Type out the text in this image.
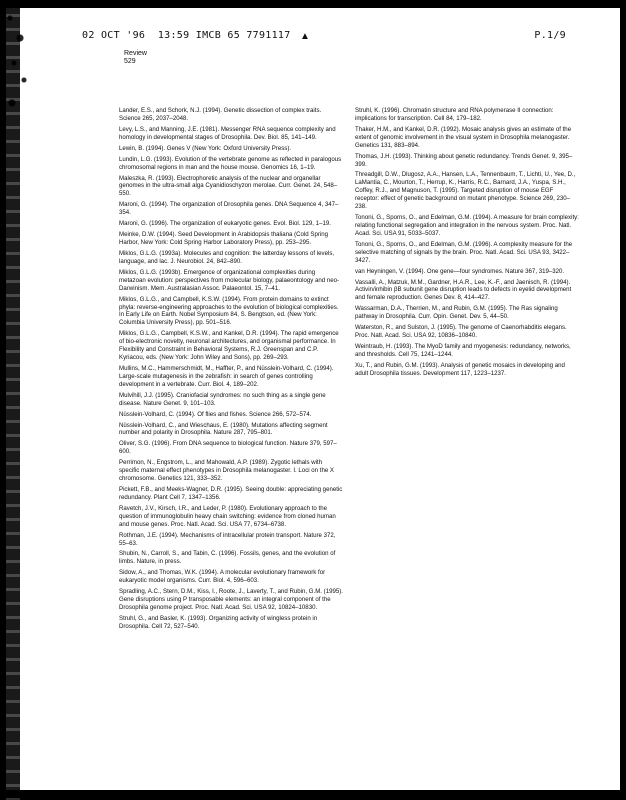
02 OCT '96  13:59 IMCB 65 7791117	P.1/9
▲
Review
529

Lander, E.S., and Schork, N.J. (1994). Genetic dissection of complex traits. Science 265, 2037–2048.

Levy, L.S., and Manning, J.E. (1981). Messenger RNA sequence complexity and homology in developmental stages of Drosophila. Dev. Biol. 85, 141–149.

Lewin, B. (1994). Genes V (New York: Oxford University Press).

Lundin, L.G. (1993). Evolution of the vertebrate genome as reflected in paralogous chromosomal regions in man and the house mouse. Genomics 16, 1–19.

Maleszka, R. (1993). Electrophoretic analysis of the nuclear and organellar genomes in the ultra-small alga Cyanidioschyzon merolae. Curr. Genet. 24, 548–550.

Maroni, G. (1994). The organization of Drosophila genes. DNA Sequence 4, 347–354.

Maroni, G. (1996). The organization of eukaryotic genes. Evol. Biol. 129, 1–19.

Meinke, D.W. (1994). Seed Development in Arabidopsis thaliana (Cold Spring Harbor, New York: Cold Spring Harbor Laboratory Press), pp. 253–295.

Miklos, G.L.G. (1993a). Molecules and cognition: the latterday lessons of levels, language, and lac. J. Neurobiol. 24, 842–890.

Miklos, G.L.G. (1993b). Emergence of organizational complexities during metazoan evolution: perspectives from molecular biology, palaeontology and neo-Darwinism. Mem. Australasian Assoc. Palaeontol. 15, 7–41.

Miklos, G.L.G., and Campbell, K.S.W. (1994). From protein domains to extinct phyla: reverse-engineering approaches to the evolution of biological complexities. In Early Life on Earth. Nobel Symposium 84, S. Bengtson, ed. (New York: Columbia University Press), pp. 501–516.

Miklos, G.L.G., Campbell, K.S.W., and Kankel, D.R. (1994). The rapid emergence of bio-electronic novelty, neuronal architectures, and organismal performance. In Flexibility and Constraint in Behavioral Systems, R.J. Greenspan and C.P. Kyriacou, eds. (New York: John Wiley and Sons), pp. 269–293.

Mullins, M.C., Hammerschmidt, M., Haffter, P., and Nüsslein-Volhard, C. (1994). Large-scale mutagenesis in the zebrafish: in search of genes controlling development in a vertebrate. Curr. Biol. 4, 189–202.

Mulvihill, J.J. (1995). Craniofacial syndromes: no such thing as a single gene disease. Nature Genet. 9, 101–103.

Nüsslein-Volhard, C. (1994). Of flies and fishes. Science 266, 572–574.

Nüsslein-Volhard, C., and Wieschaus, E. (1980). Mutations affecting segment number and polarity in Drosophila. Nature 287, 795–801.

Oliver, S.G. (1996). From DNA sequence to biological function. Nature 379, 597–600.

Perrimon, N., Engstrom, L., and Mahowald, A.P. (1989). Zygotic lethals with specific maternal effect phenotypes in Drosophila melanogaster. I. Loci on the X chromosome. Genetics 121, 333–352.

Pickett, F.B., and Meeks-Wagner, D.R. (1995). Seeing double: appreciating genetic redundancy. Plant Cell 7, 1347–1356.

Ravetch, J.V., Kirsch, I.R., and Leder, P. (1980). Evolutionary approach to the question of immunoglobulin heavy chain switching: evidence from cloned human and mouse genes. Proc. Natl. Acad. Sci. USA 77, 6734–6738.

Rothman, J.E. (1994). Mechanisms of intracellular protein transport. Nature 372, 55–63.

Shubin, N., Carroll, S., and Tabin, C. (1996). Fossils, genes, and the evolution of limbs. Nature, in press.

Sidow, A., and Thomas, W.K. (1994). A molecular evolutionary framework for eukaryotic model organisms. Curr. Biol. 4, 596–603.

Spradling, A.C., Stern, D.M., Kiss, I., Roote, J., Laverty, T., and Rubin, G.M. (1995). Gene disruptions using P transposable elements: an integral component of the Drosophila genome project. Proc. Natl. Acad. Sci. USA 92, 10824–10830.

Struhl, G., and Basler, K. (1993). Organizing activity of wingless protein in Drosophila. Cell 72, 527–540.

Struhl, K. (1996). Chromatin structure and RNA polymerase II connection: implications for transcription. Cell 84, 179–182.

Thaker, H.M., and Kankel, D.R. (1992). Mosaic analysis gives an estimate of the extent of genomic involvement in the visual system in Drosophila melanogaster. Genetics 131, 883–894.

Thomas, J.H. (1993). Thinking about genetic redundancy. Trends Genet. 9, 395–399.

Threadgill, D.W., Dlugosz, A.A., Hansen, L.A., Tennenbaum, T., Lichti, U., Yee, D., LaMantia, C., Mourton, T., Herrup, K., Harris, R.C., Barnard, J.A., Yuspa, S.H., Coffey, R.J., and Magnuson, T. (1995). Targeted disruption of mouse EGF receptor: effect of genetic background on mutant phenotype. Science 269, 230–238.

Tononi, G., Sporns, O., and Edelman, G.M. (1994). A measure for brain complexity: relating functional segregation and integration in the nervous system. Proc. Natl. Acad. Sci. USA 91, 5033–5037.

Tononi, G., Sporns, O., and Edelman, G.M. (1996). A complexity measure for the selective matching of signals by the brain. Proc. Natl. Acad. Sci. USA 93, 3422–3427.

van Heyningen, V. (1994). One gene—four syndromes. Nature 367, 319–320.

Vassalli, A., Matzuk, M.M., Gardner, H.A.R., Lee, K.-F., and Jaenisch, R. (1994). Activin/inhibin βB subunit gene disruption leads to defects in eyelid development and female reproduction. Genes Dev. 8, 414–427.

Wassarman, D.A., Therrien, M., and Rubin, G.M. (1995). The Ras signaling pathway in Drosophila. Curr. Opin. Genet. Dev. 5, 44–50.

Waterston, R., and Sulston, J. (1995). The genome of Caenorhabditis elegans. Proc. Natl. Acad. Sci. USA 92, 10836–10840.

Weintraub, H. (1993). The MyoD family and myogenesis: redundancy, networks, and thresholds. Cell 75, 1241–1244.

Xu, T., and Rubin, G.M. (1993). Analysis of genetic mosaics in developing and adult Drosophila tissues. Development 117, 1223–1237.
